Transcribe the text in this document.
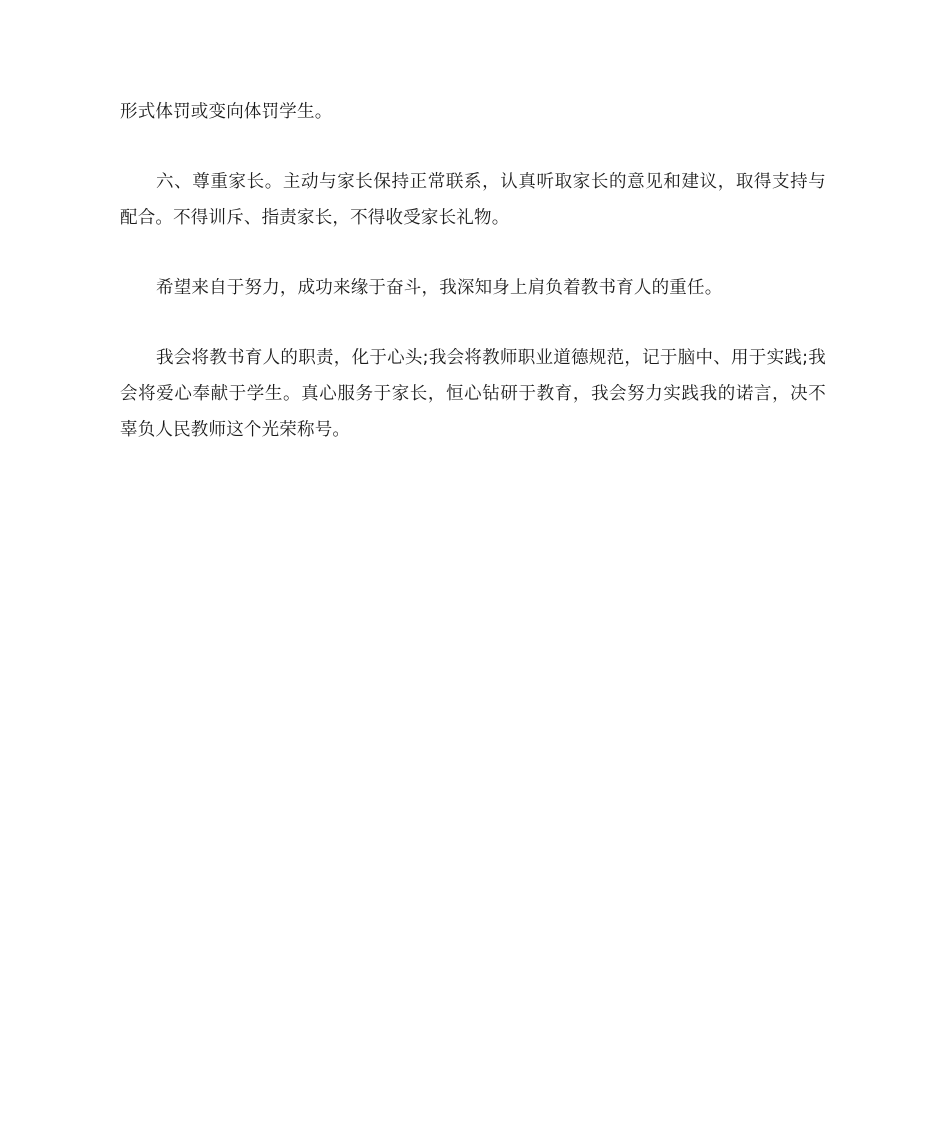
形式体罚或变向体罚学生。

六、尊重家长。主动与家长保持正常联系，认真听取家长的意见和建议，取得支持与配合。不得训斥、指责家长，不得收受家长礼物。

希望来自于努力，成功来缘于奋斗，我深知身上肩负着教书育人的重任。

我会将教书育人的职责，化于心头;我会将教师职业道德规范，记于脑中、用于实践;我会将爱心奉献于学生。真心服务于家长，恒心钻研于教育，我会努力实践我的诺言，决不辜负人民教师这个光荣称号。
